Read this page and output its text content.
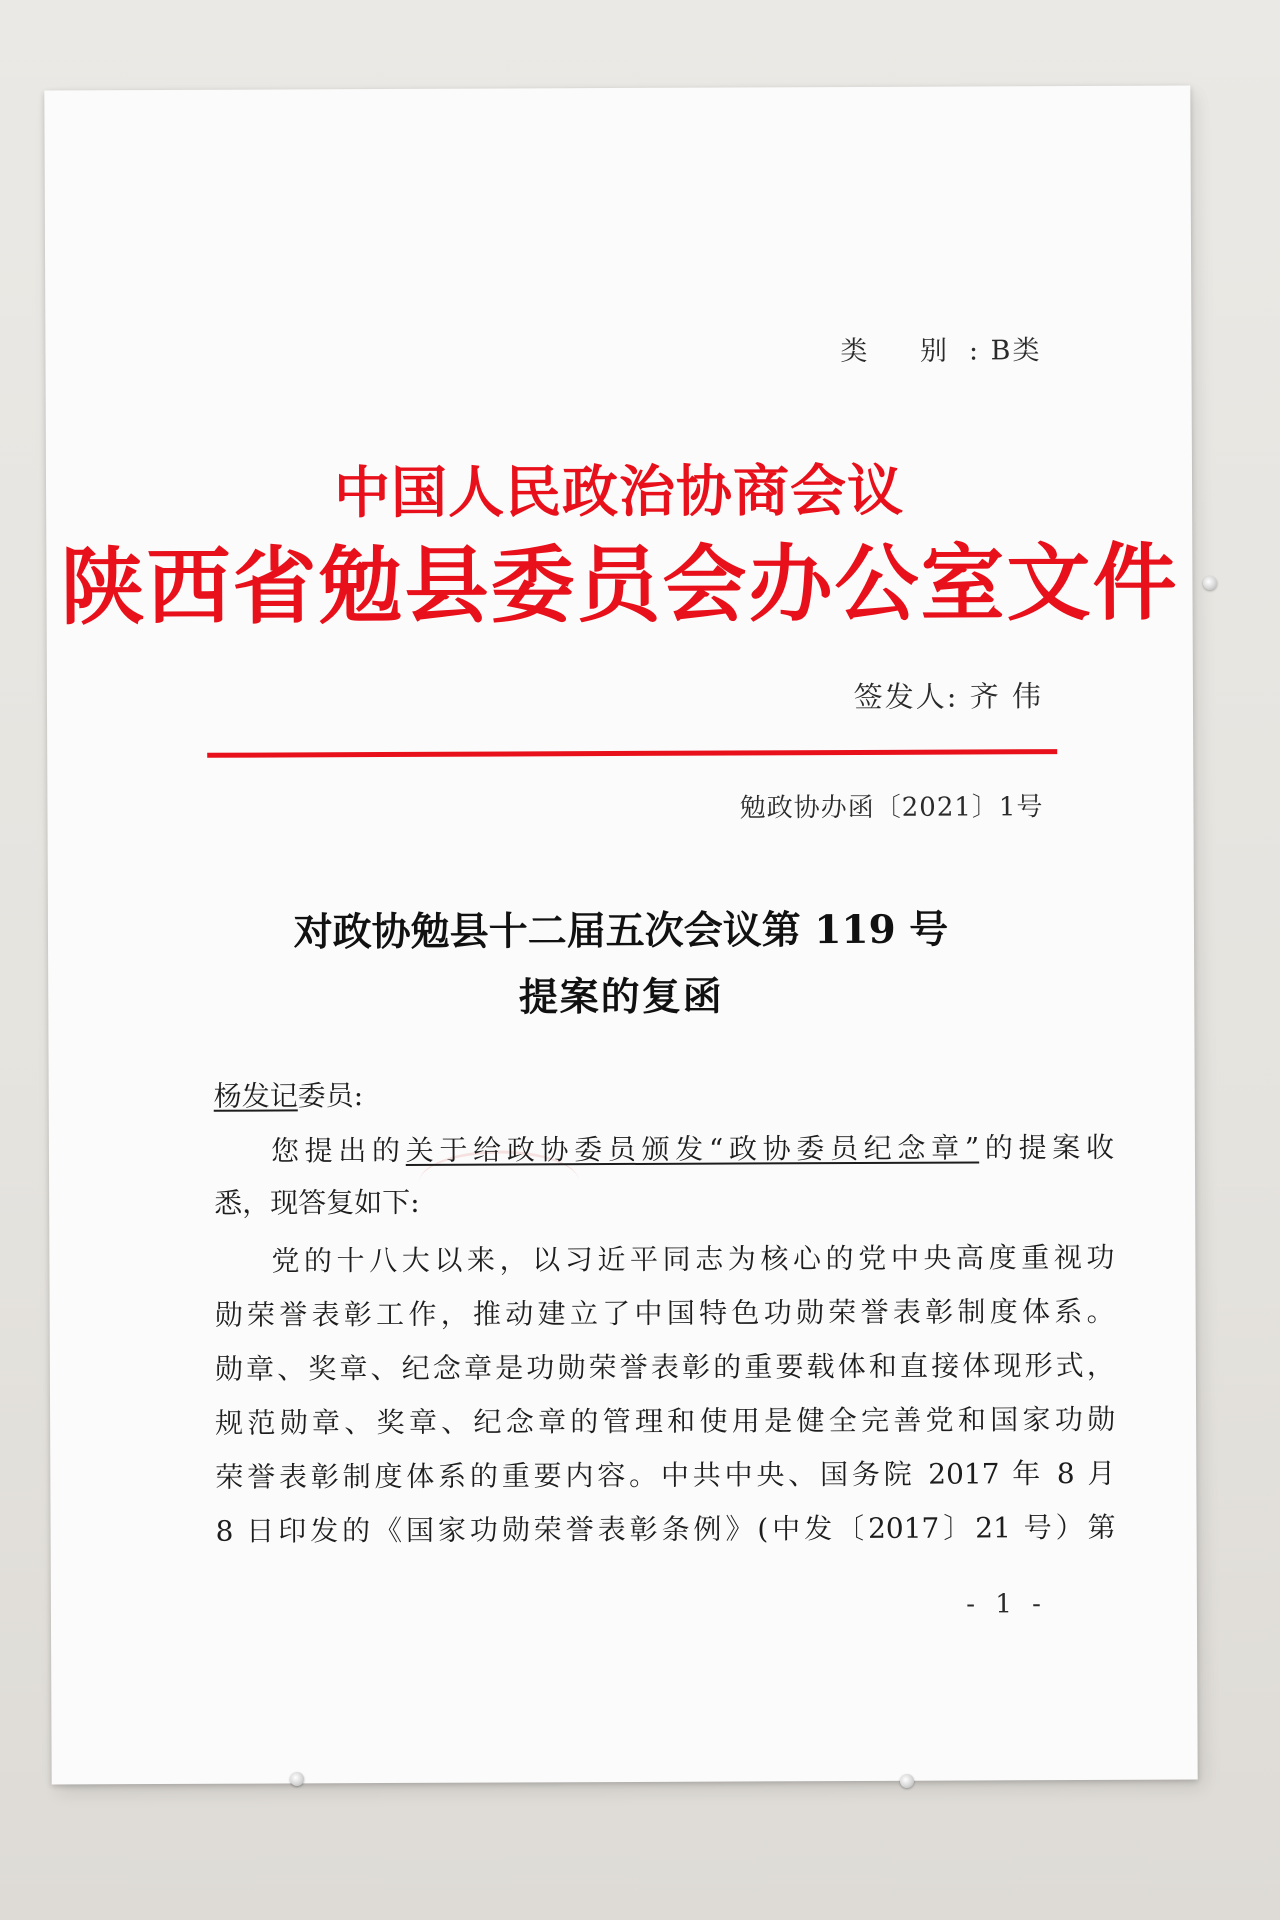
类 别: B类
中国人民政治协商会议
陕西省勉县委员会办公室文件
签发人: 齐 伟
勉政协办函〔2021〕1号
对政协勉县十二届五次会议第 119 号
提案的复函
杨发记委员:
您提出的关于给政协委员颁发“政协委员纪念章”的提案收
悉，现答复如下:
党的十八大以来，以习近平同志为核心的党中央高度重视功
勋荣誉表彰工作，推动建立了中国特色功勋荣誉表彰制度体系。
勋章、奖章、纪念章是功勋荣誉表彰的重要载体和直接体现形式，
规范勋章、奖章、纪念章的管理和使用是健全完善党和国家功勋
荣誉表彰制度体系的重要内容。中共中央、国务院 2017 年 8 月
8 日印发的《国家功勋荣誉表彰条例》(中发〔2017〕21 号）第
- 1 -
